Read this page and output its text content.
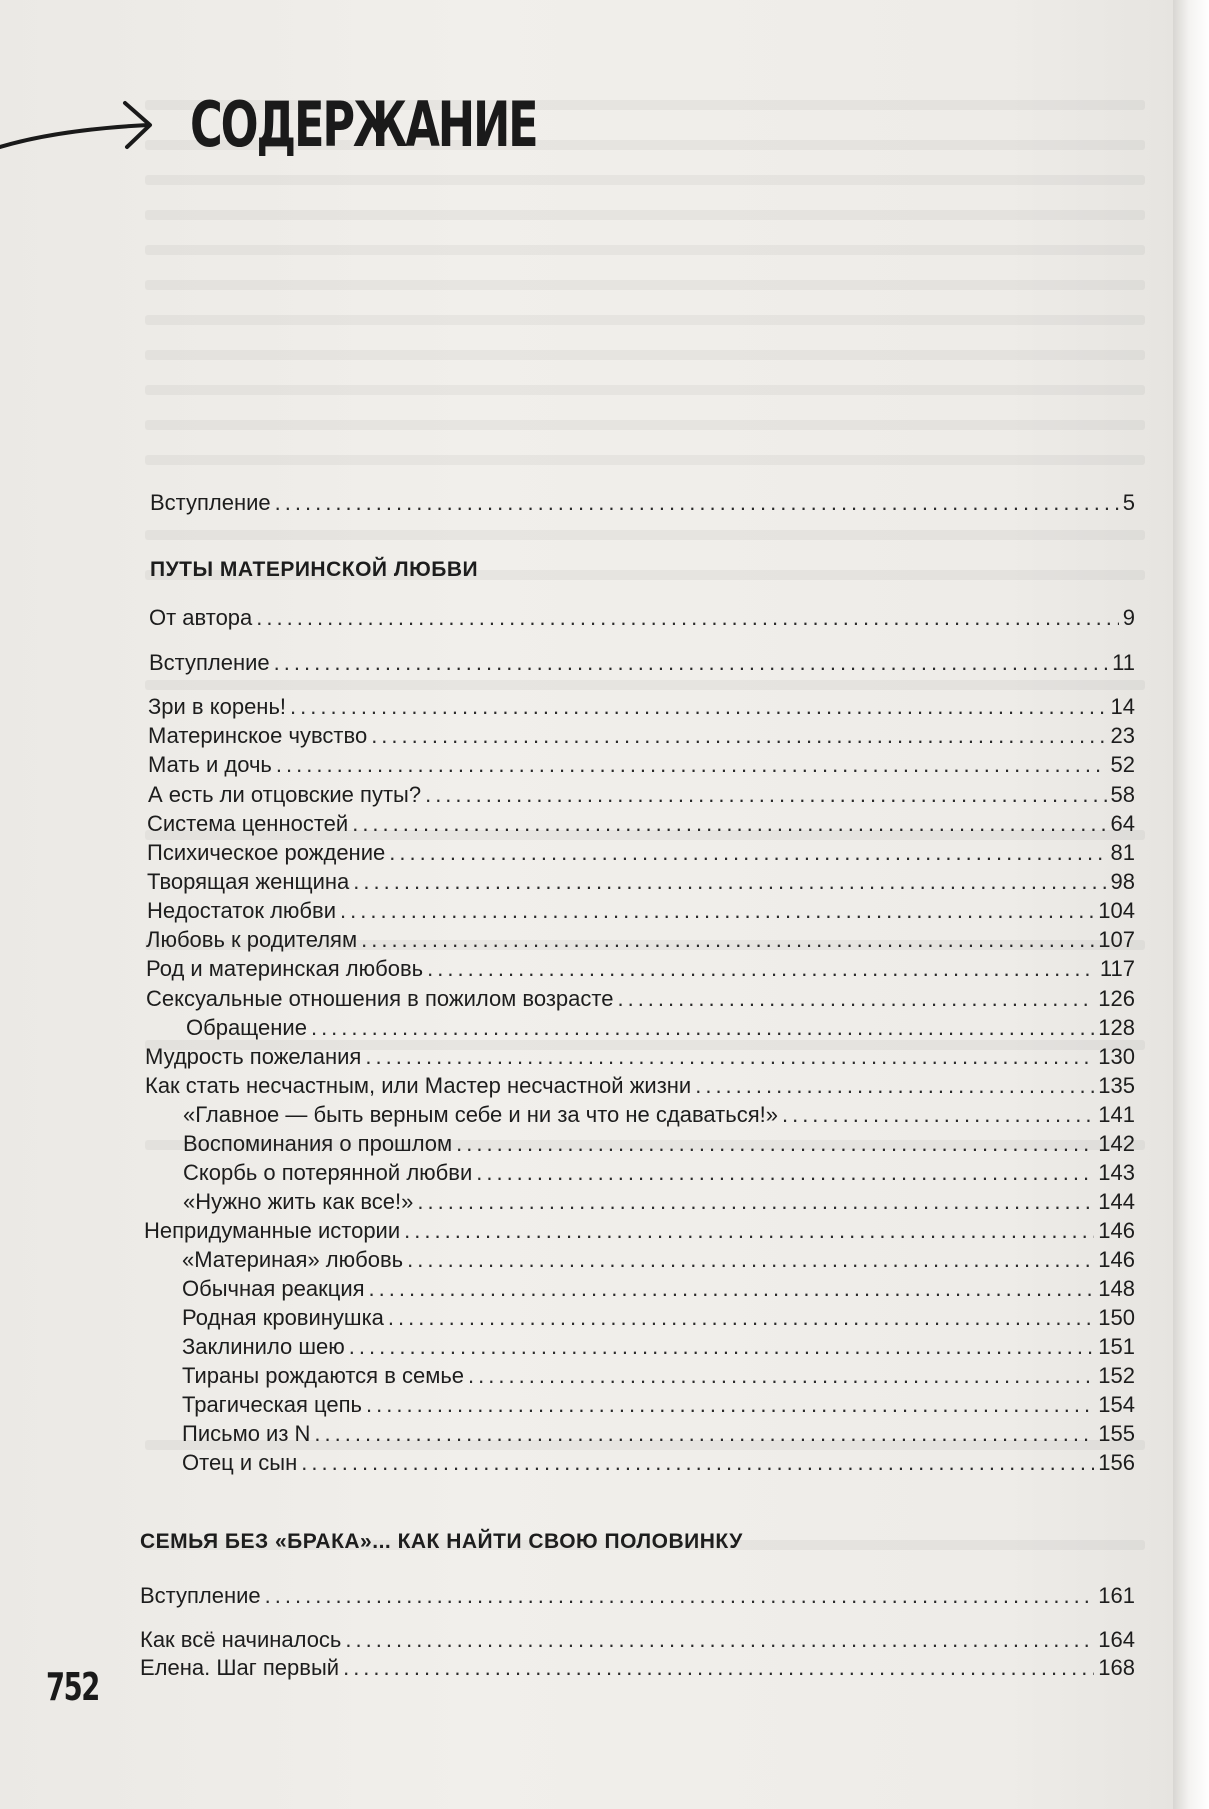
СОДЕРЖАНИЕ
Вступление .....	5
ПУТЫ МАТЕРИНСКОЙ ЛЮБВИ
От автора .....	9
Вступление .....	11
Зри в корень! .....	14
Материнское чувство .....	23
Мать и дочь .....	52
А есть ли отцовские путы? .....	58
Система ценностей .....	64
Психическое рождение .....	81
Творящая женщина .....	98
Недостаток любви .....	104
Любовь к родителям .....	107
Род и материнская любовь .....	117
Сексуальные отношения в пожилом возрасте .....	126
Обращение .....	128
Мудрость пожелания .....	130
Как стать несчастным, или Мастер несчастной жизни .....	135
«Главное — быть верным себе и ни за что не сдаваться!» .....	141
Воспоминания о прошлом .....	142
Скорбь о потерянной любви .....	143
«Нужно жить как все!» .....	144
Непридуманные истории .....	146
«Материная» любовь .....	146
Обычная реакция .....	148
Родная кровинушка .....	150
Заклинило шею .....	151
Тираны рождаются в семье .....	152
Трагическая цепь .....	154
Письмо из N .....	155
Отец и сын .....	156
СЕМЬЯ БЕЗ «БРАКА»... КАК НАЙТИ СВОЮ ПОЛОВИНКУ
Вступление .....	161
Как всё начиналось .....	164
Елена. Шаг первый .....	168
752
